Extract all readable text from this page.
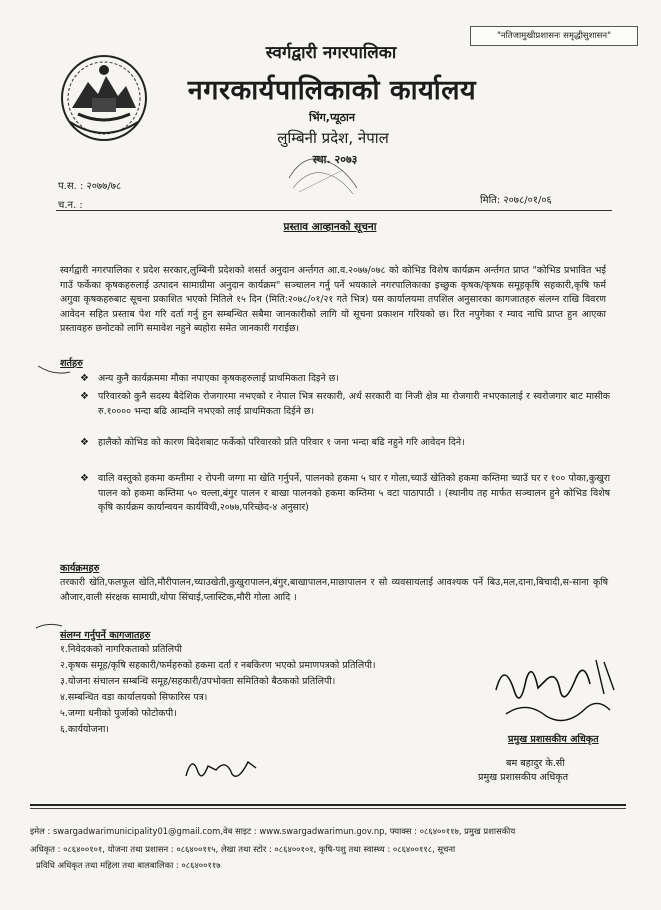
"नतिजामुखीप्रशासनः समृद्धीसुशासन"
स्वर्गद्वारी नगरपालिका
नगरकार्यपालिकाको कार्यालय
भिंग,प्यूठान
लुम्बिनी प्रदेश, नेपाल
स्था. २०७३
प.स. : २०७७/७८
च.न. :	मिति: २०७८/०१/०६
प्रस्ताव आव्हानको सूचना
स्वर्गद्वारी नगरपालिका र प्रदेश सरकार,लुम्बिनी प्रदेशको शसर्त अनुदान अर्न्तगत आ.व.२०७७/०७८ को कोभिड विशेष कार्यक्रम अर्न्तगत प्राप्त "कोभिड प्रभावित भई गाउँ फर्केका कृषकहरुलाई उत्पादन सामाग्रीमा अनुदान कार्यक्रम" सञ्चालन गर्नु पर्ने भयकाले नगरपालिकाका इच्छुक कृषक/कृषक समूहकृषि सहकारी,कृषि फर्म अगुवा कृषकहरुबाट सूचना प्रकाशित भएको मितिले १५ दिन (मिति:२०७८/०१/२१ गते भित्र) यस कार्यालयमा तपशिल अनुसारका कागजातहरु संलग्न राखि विवरण आवेदन सहित प्रस्ताब पेश गरि दर्ता गर्नु हुन सम्बन्धित सबैमा जानकारीको लागि यो सूचना प्रकाशन गरियको छ। रित नपुगेका र म्याद नाघि प्राप्त हुन आएका प्रस्तावहरु छनोटको लागि समावेश नहुने ब्यहोरा समेत जानकारी गराईछ।
शर्तहरु
❖ अन्य कुनै कार्यक्रममा मौका नपाएका कृषकहरुलाई प्राथमिकता दिइने छ।
❖ परिवारको कुनै सदस्य बैदेशिक रोजगारमा नभएको र नेपाल भित्र सरकारी, अर्ध सरकारी वा निजी क्षेत्र मा रोजगारी नभएकालाई र स्वरोजगार बाट मासीक रु.१०००० भन्दा बढि आम्दनि नभएको लाई प्राथमिकता दिईने छ।
❖ हालैको कोभिड को कारण बिदेशबाट फर्केको परिवारको प्रति परिवार १ जना भन्दा बढि नहुने गरि आवेदन दिने।
❖ वालि वस्तुको हकमा कम्तीमा २ रोपनी जग्गा मा खेति गर्नुपर्ने, पालनको हकमा ५ घार र गोला,च्याउँ खेतिको हकमा कम्तिमा च्याउँ घर र १०० पोका,कुखुरा पालन को हकमा कम्तिमा ५० चल्ला,बंगुर पालन र बाखा पालनको हकमा कम्तिमा ५ वटा पाठापाठी । (स्थानीय तह मार्फत सञ्चालन हुने कोभिड विशेष कृषि कार्यक्रम कार्यान्वयन कार्यविधी,२०७७,परिच्छेद-४ अनुसार)
कार्यक्रमहरु
तरकारी खेति,फलफूल खेति,मौरीपालन,च्याउखेती,कुखुरापालन,बंगुर,बाखापालन,माछापालन र सो व्यवसायलाई आवश्यक पर्ने बिउ,मल,दाना,बिचादी,स-साना कृषि औजार,वाली संरक्षक सामाग्री,थोपा सिंचाई,प्लास्टिक,मौरी गोला आदि ।
संलग्न गर्नुपर्ने कागजातहरु
१.निवेदकको नागरिकताको प्रतिलिपी
२.कृषक समूह/कृषि सहकारी/फर्महरुको हकमा दर्ता र नबकिरण भएको प्रमाणपत्रको प्रतिलिपी।
३.योजना संचालन सम्बन्धि समूह/सहकारी/उपभोक्ता समितिको बैठकको प्रतिलिपी।
४.सम्बन्धित वडा कार्यालयको सिफारिस पत्र।
५.जग्गा धनीको पुर्जाको फोटोकपी।
६.कार्ययोजना।
प्रमुख प्रशासकीय अधिकृत
बम बहादुर के.सी
प्रमुख प्रशासकीय अधिकृत
इमेल : swargadwarimunicipality01@gmail.com,वेब साइट : www.swargadwarimun.gov.np, फ्याक्स : ०८६४००११७, प्रमुख प्रशासकीय
अधिकृत : ०८६४००१०१, योजना तथा प्रशासन : ०८६४००११५, लेखा तथा स्टोर : ०८६४००१०१, कृषि-पशु तथा स्वास्थ्य : ०८६४००११८, सूचना
प्रविधि अधिकृत तथा महिला तथा बालबालिका : ०८६४००११७
